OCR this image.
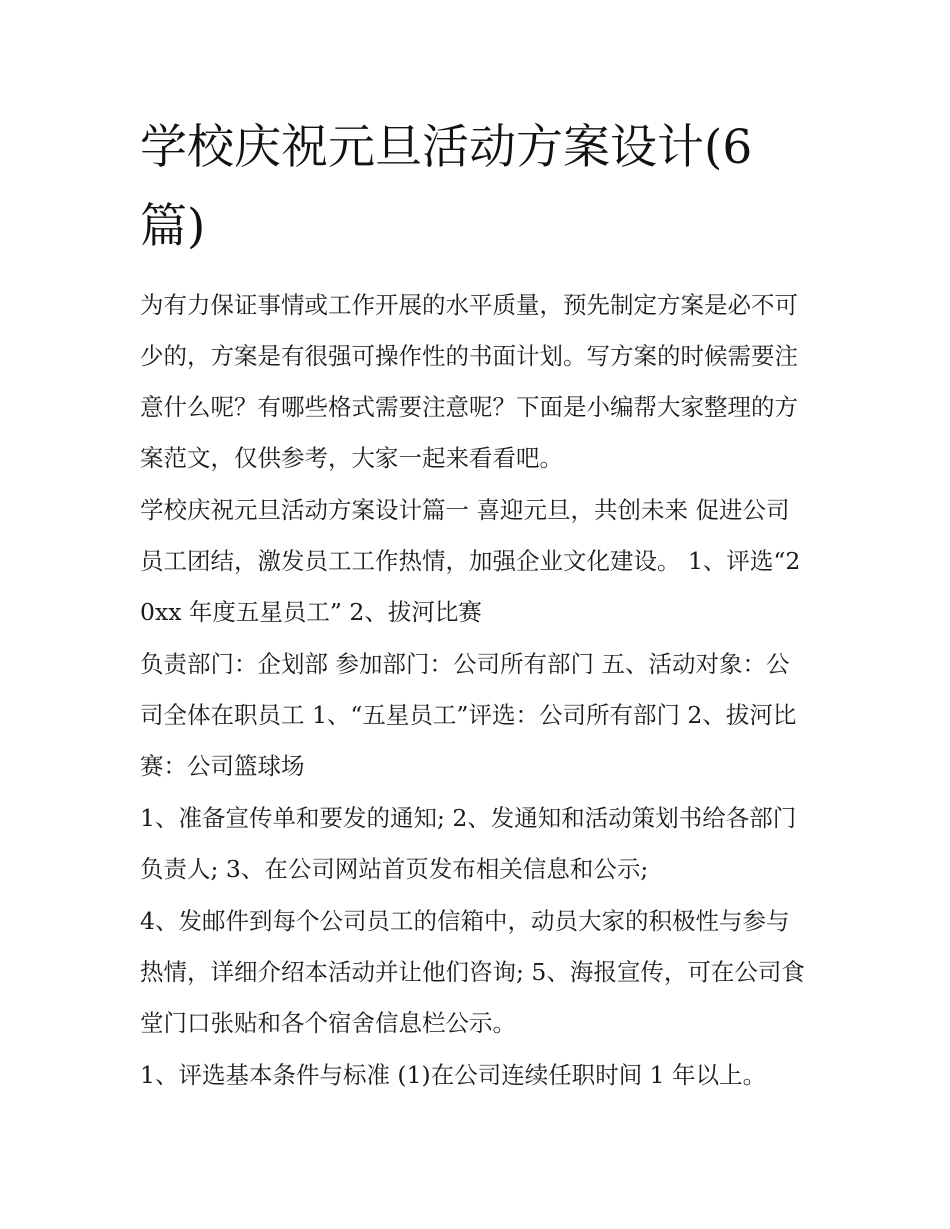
学校庆祝元旦活动方案设计(6篇)

为有力保证事情或工作开展的水平质量，预先制定方案是必不可少的，方案是有很强可操作性的书面计划。写方案的时候需要注意什么呢？有哪些格式需要注意呢？下面是小编帮大家整理的方案范文，仅供参考，大家一起来看看吧。

学校庆祝元旦活动方案设计篇一 喜迎元旦，共创未来 促进公司员工团结，激发员工工作热情，加强企业文化建设。 1、评选“20xx 年度五星员工” 2、拔河比赛

负责部门：企划部 参加部门：公司所有部门 五、活动对象：公司全体在职员工 1、“五星员工”评选：公司所有部门 2、拔河比赛：公司篮球场

1、准备宣传单和要发的通知; 2、发通知和活动策划书给各部门负责人; 3、在公司网站首页发布相关信息和公示;

4、发邮件到每个公司员工的信箱中，动员大家的积极性与参与热情，详细介绍本活动并让他们咨询; 5、海报宣传，可在公司食堂门口张贴和各个宿舍信息栏公示。

1、评选基本条件与标准 (1)在公司连续任职时间 1 年以上。
